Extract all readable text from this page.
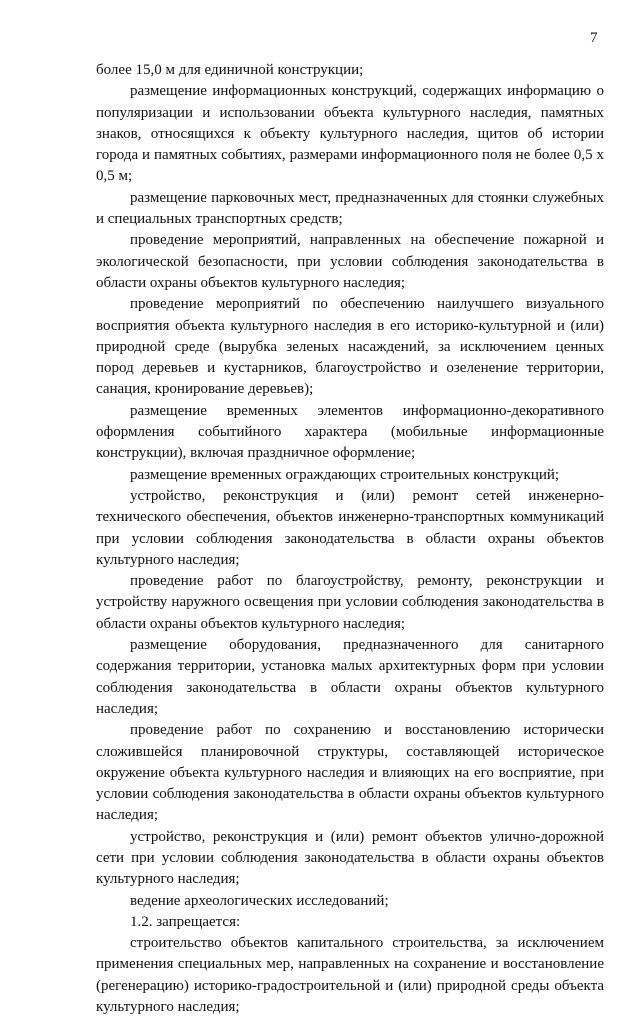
7

более 15,0 м для единичной конструкции;

размещение информационных конструкций, содержащих информацию о популяризации и использовании объекта культурного наследия, памятных знаков, относящихся к объекту культурного наследия, щитов об истории города и памятных событиях, размерами информационного поля не более 0,5 х 0,5 м;

размещение парковочных мест, предназначенных для стоянки служебных и специальных транспортных средств;

проведение мероприятий, направленных на обеспечение пожарной и экологической безопасности, при условии соблюдения законодательства в области охраны объектов культурного наследия;

проведение мероприятий по обеспечению наилучшего визуального восприятия объекта культурного наследия в его историко-культурной и (или) природной среде (вырубка зеленых насаждений, за исключением ценных пород деревьев и кустарников, благоустройство и озеленение территории, санация, кронирование деревьев);

размещение временных элементов информационно-декоративного оформления событийного характера (мобильные информационные конструкции), включая праздничное оформление;

размещение временных ограждающих строительных конструкций;

устройство, реконструкция и (или) ремонт сетей инженерно-технического обеспечения, объектов инженерно-транспортных коммуникаций при условии соблюдения законодательства в области охраны объектов культурного наследия;

проведение работ по благоустройству, ремонту, реконструкции и устройству наружного освещения при условии соблюдения законодательства в области охраны объектов культурного наследия;

размещение оборудования, предназначенного для санитарного содержания территории, установка малых архитектурных форм при условии соблюдения законодательства в области охраны объектов культурного наследия;

проведение работ по сохранению и восстановлению исторически сложившейся планировочной структуры, составляющей историческое окружение объекта культурного наследия и влияющих на его восприятие, при условии соблюдения законодательства в области охраны объектов культурного наследия;

устройство, реконструкция и (или) ремонт объектов улично-дорожной сети при условии соблюдения законодательства в области охраны объектов культурного наследия;

ведение археологических исследований;

1.2. запрещается:

строительство объектов капитального строительства, за исключением применения специальных мер, направленных на сохранение и восстановление (регенерацию) историко-градостроительной и (или) природной среды объекта культурного наследия;
